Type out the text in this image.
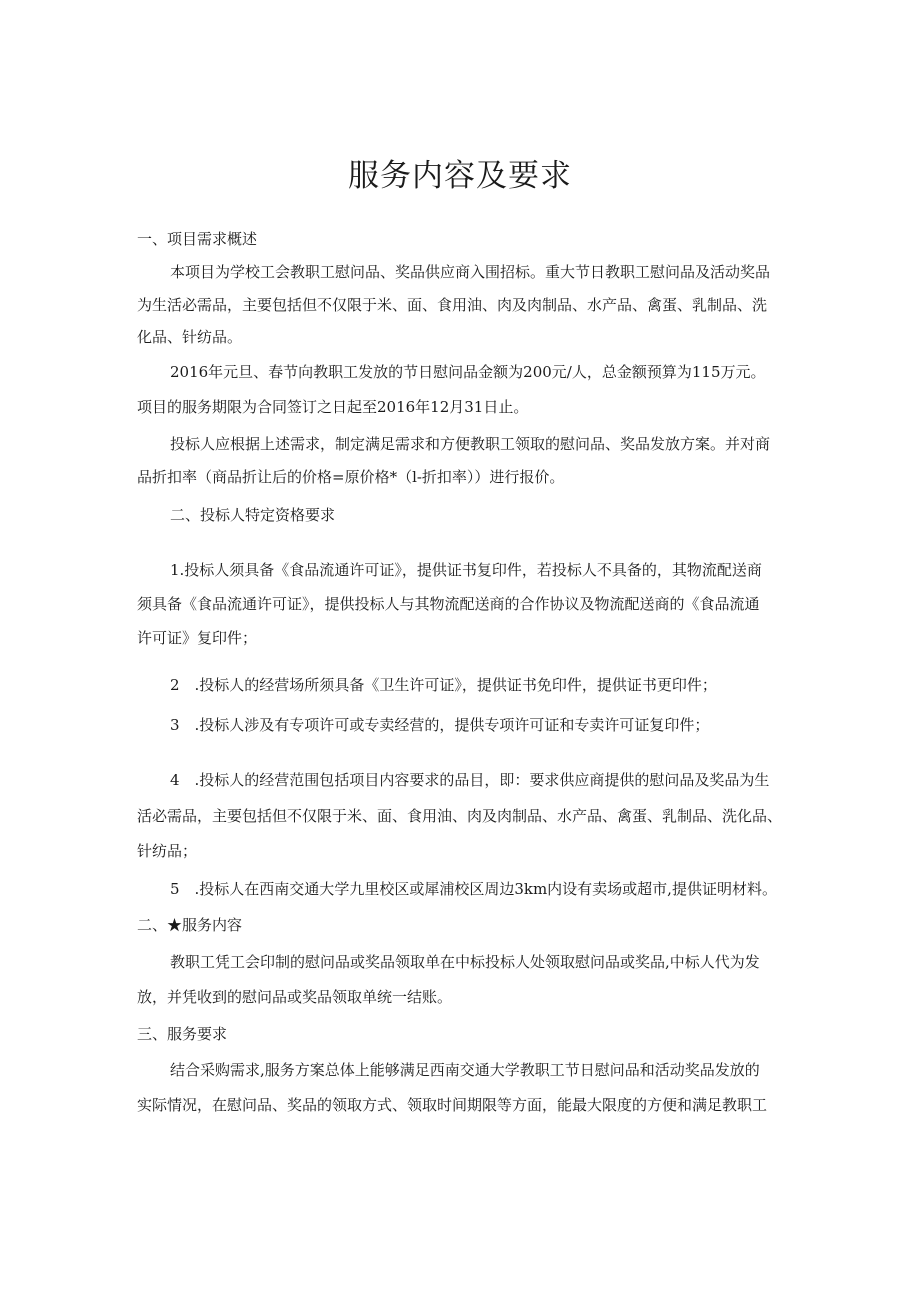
服务内容及要求
一、项目需求概述
本项目为学校工会教职工慰问品、奖品供应商入围招标。重大节日教职工慰问品及活动奖品
为生活必需品，主要包括但不仅限于米、面、食用油、肉及肉制品、水产品、禽蛋、乳制品、洗
化品、针纺品。
2016年元旦、春节向教职工发放的节日慰问品金额为200元/人，总金额预算为115万元。
项目的服务期限为合同签订之日起至2016年12月31日止。
投标人应根据上述需求，制定满足需求和方便教职工领取的慰问品、奖品发放方案。并对商
品折扣率（商品折让后的价格=原价格*（l-折扣率））进行报价。
二、投标人特定资格要求
1.投标人须具备《食品流通许可证》，提供证书复印件，若投标人不具备的，其物流配送商
须具备《食品流通许可证》，提供投标人与其物流配送商的合作协议及物流配送商的《食品流通
许可证》复印件；
2　.投标人的经营场所须具备《卫生许可证》，提供证书免印件，提供证书更印件；
3　.投标人涉及有专项许可或专卖经营的，提供专项许可证和专卖许可证复印件；
4　.投标人的经营范围包括项目内容要求的品目，即：要求供应商提供的慰问品及奖品为生
活必需品，主要包括但不仅限于米、面、食用油、肉及肉制品、水产品、禽蛋、乳制品、洗化品、
针纺品；
5　.投标人在西南交通大学九里校区或犀浦校区周边3km内设有卖场或超市,提供证明材料。
二、★服务内容
教职工凭工会印制的慰问品或奖品领取单在中标投标人处领取慰问品或奖品,中标人代为发
放，并凭收到的慰问品或奖品领取单统一结账。
三、服务要求
结合采购需求,服务方案总体上能够满足西南交通大学教职工节日慰问品和活动奖品发放的
实际情况，在慰问品、奖品的领取方式、领取时间期限等方面，能最大限度的方便和满足教职工
